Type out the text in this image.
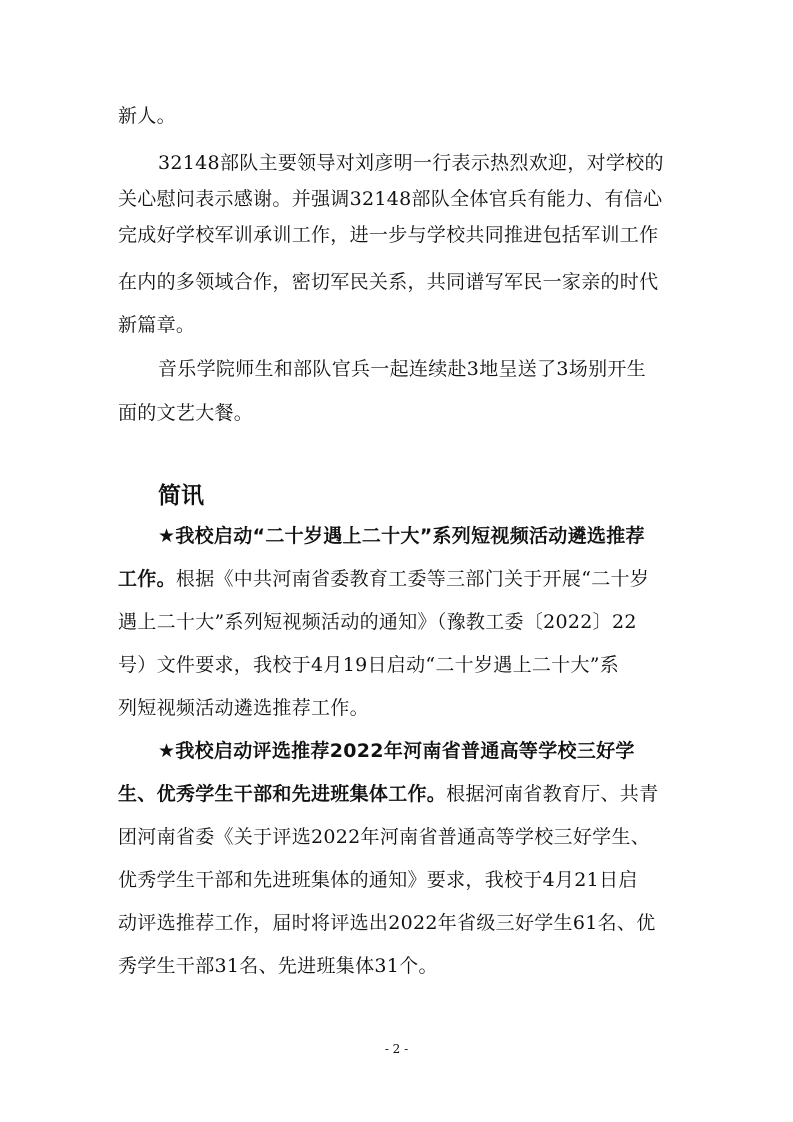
新人。
32148部队主要领导对刘彦明一行表示热烈欢迎，对学校的
关心慰问表示感谢。并强调32148部队全体官兵有能力、有信心
完成好学校军训承训工作，进一步与学校共同推进包括军训工作
在内的多领域合作，密切军民关系，共同谱写军民一家亲的时代
新篇章。
音乐学院师生和部队官兵一起连续赴3地呈送了3场别开生
面的文艺大餐。
简讯
★我校启动“二十岁遇上二十大”系列短视频活动遴选推荐
工作。根据《中共河南省委教育工委等三部门关于开展“二十岁
遇上二十大”系列短视频活动的通知》（豫教工委〔2022〕22
号）文件要求，我校于4月19日启动“二十岁遇上二十大”系
列短视频活动遴选推荐工作。
★我校启动评选推荐2022年河南省普通高等学校三好学
生、优秀学生干部和先进班集体工作。根据河南省教育厅、共青
团河南省委《关于评选2022年河南省普通高等学校三好学生、
优秀学生干部和先进班集体的通知》要求，我校于4月21日启
动评选推荐工作，届时将评选出2022年省级三好学生61名、优
秀学生干部31名、先进班集体31个。
- 2 -
